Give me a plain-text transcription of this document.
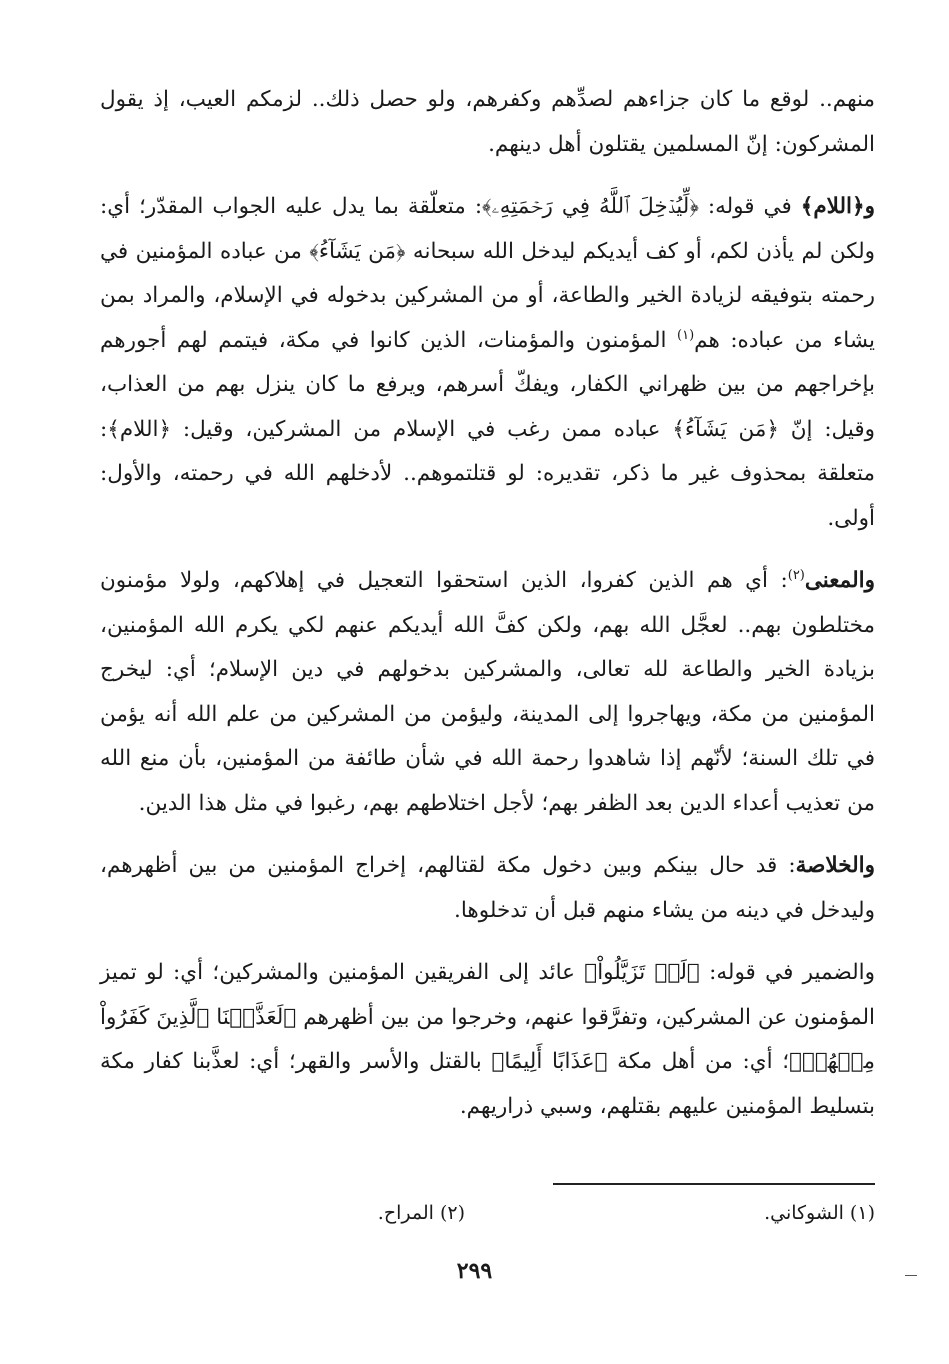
منهم.. لوقع ما كان جزاءهم لصدِّهم وكفرهم، ولو حصل ذلك.. لزمكم العيب، إذ يقول المشركون: إنّ المسلمين يقتلون أهل دينهم.

و﴿اللام﴾ في قوله: ﴿لِّيُدۡخِلَ ٱللَّهُ فِي رَحۡمَتِهِۦ﴾: متعلّقة بما يدل عليه الجواب المقدّر؛ أي: ولكن لم يأذن لكم، أو كف أيديكم ليدخل الله سبحانه ﴿مَن يَشَآءُ﴾ من عباده المؤمنين في رحمته بتوفيقه لزيادة الخير والطاعة، أو من المشركين بدخوله في الإسلام، والمراد بمن يشاء من عباده: هم$^{(١)}$ المؤمنون والمؤمنات، الذين كانوا في مكة، فيتمم لهم أجورهم بإخراجهم من بين ظهراني الكفار، ويفكّ أسرهم، ويرفع ما كان ينزل بهم من العذاب، وقيل: إنّ ﴿مَن يَشَآءُ﴾ عباده ممن رغب في الإسلام من المشركين، وقيل: ﴿اللام﴾: متعلقة بمحذوف غير ما ذكر، تقديره: لو قتلتموهم.. لأدخلهم الله في رحمته، والأول: أولى.

والمعنى$^{(٢)}$: أي هم الذين كفروا، الذين استحقوا التعجيل في إهلاكهم، ولولا مؤمنون مختلطون بهم.. لعجَّل الله بهم، ولكن كفَّ الله أيديكم عنهم لكي يكرم الله المؤمنين، بزيادة الخير والطاعة لله تعالى، والمشركين بدخولهم في دين الإسلام؛ أي: ليخرج المؤمنين من مكة، ويهاجروا إلى المدينة، وليؤمن من المشركين من علم الله أنه يؤمن في تلك السنة؛ لأنّهم إذا شاهدوا رحمة الله في شأن طائفة من المؤمنين، بأن منع الله من تعذيب أعداء الدين بعد الظفر بهم؛ لأجل اختلاطهم بهم، رغبوا في مثل هذا الدين.

والخلاصة: قد حال بينكم وبين دخول مكة لقتالهم، إخراج المؤمنين من بين أظهرهم، وليدخل في دينه من يشاء منهم قبل أن تدخلوها.

والضمير في قوله: ﴿لَوۡ تَزَيَّلُواْ﴾ عائد إلى الفريقين المؤمنين والمشركين؛ أي: لو تميز المؤمنون عن المشركين، وتفرَّقوا عنهم، وخرجوا من بين أظهرهم ﴿لَعَذَّبۡنَا ٱلَّذِينَ كَفَرُواْ مِنۡهُمۡ﴾؛ أي: من أهل مكة ﴿عَذَابًا أَلِيمًا﴾ بالقتل والأسر والقهر؛ أي: لعذَّبنا كفار مكة بتسليط المؤمنين عليهم بقتلهم، وسبي ذراريهم.

(١) الشوكاني.
(٢) المراح.
٢٩٩
